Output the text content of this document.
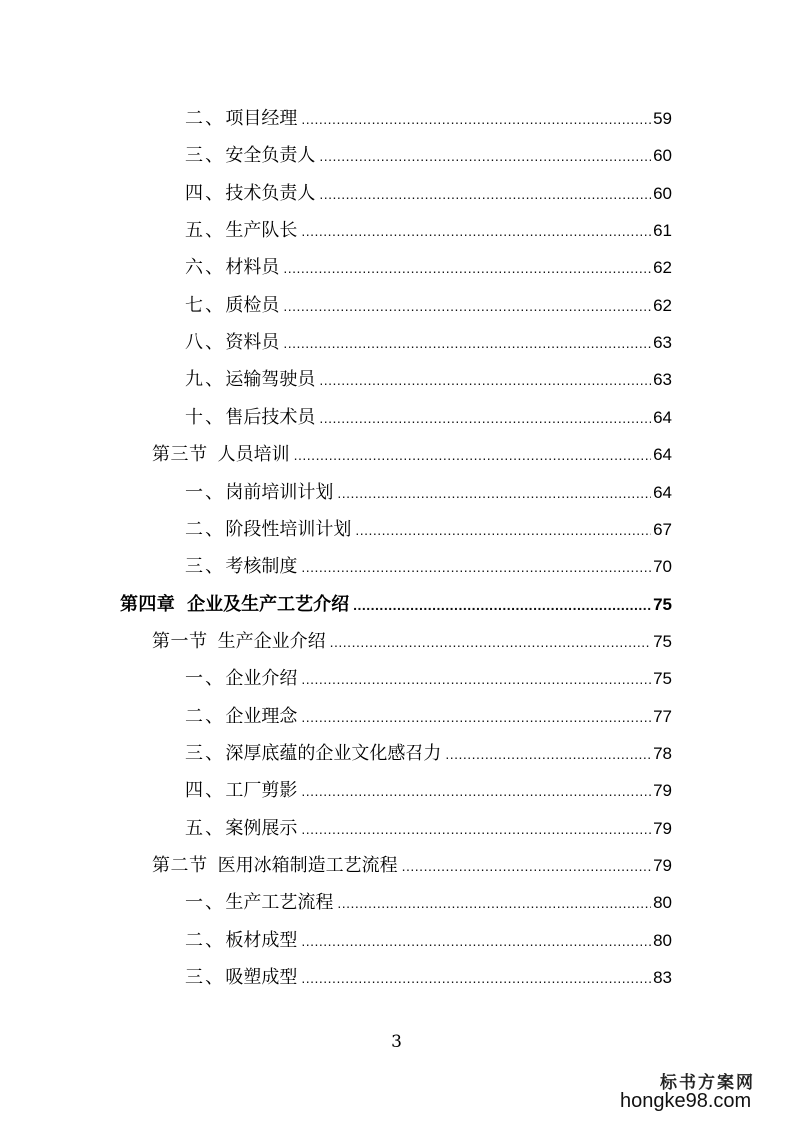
二、 项目经理 .....	59
三、 安全负责人 .....	60
四、 技术负责人 .....	60
五、 生产队长 .....	61
六、 材料员 .....	62
七、 质检员 .....	62
八、 资料员 .....	63
九、 运输驾驶员 .....	63
十、 售后技术员 .....	64
第三节 人员培训 .....	64
一、 岗前培训计划 .....	64
二、 阶段性培训计划 .....	67
三、 考核制度 .....	70
第四章 企业及生产工艺介绍 .....	75
第一节 生产企业介绍 .....	75
一、 企业介绍 .....	75
二、 企业理念 .....	77
三、 深厚底蕴的企业文化感召力 .....	78
四、 工厂剪影 .....	79
五、 案例展示 .....	79
第二节 医用冰箱制造工艺流程 .....	79
一、 生产工艺流程 .....	80
二、 板材成型 .....	80
三、 吸塑成型 .....	83
3
标书方案网
hongke98.com
